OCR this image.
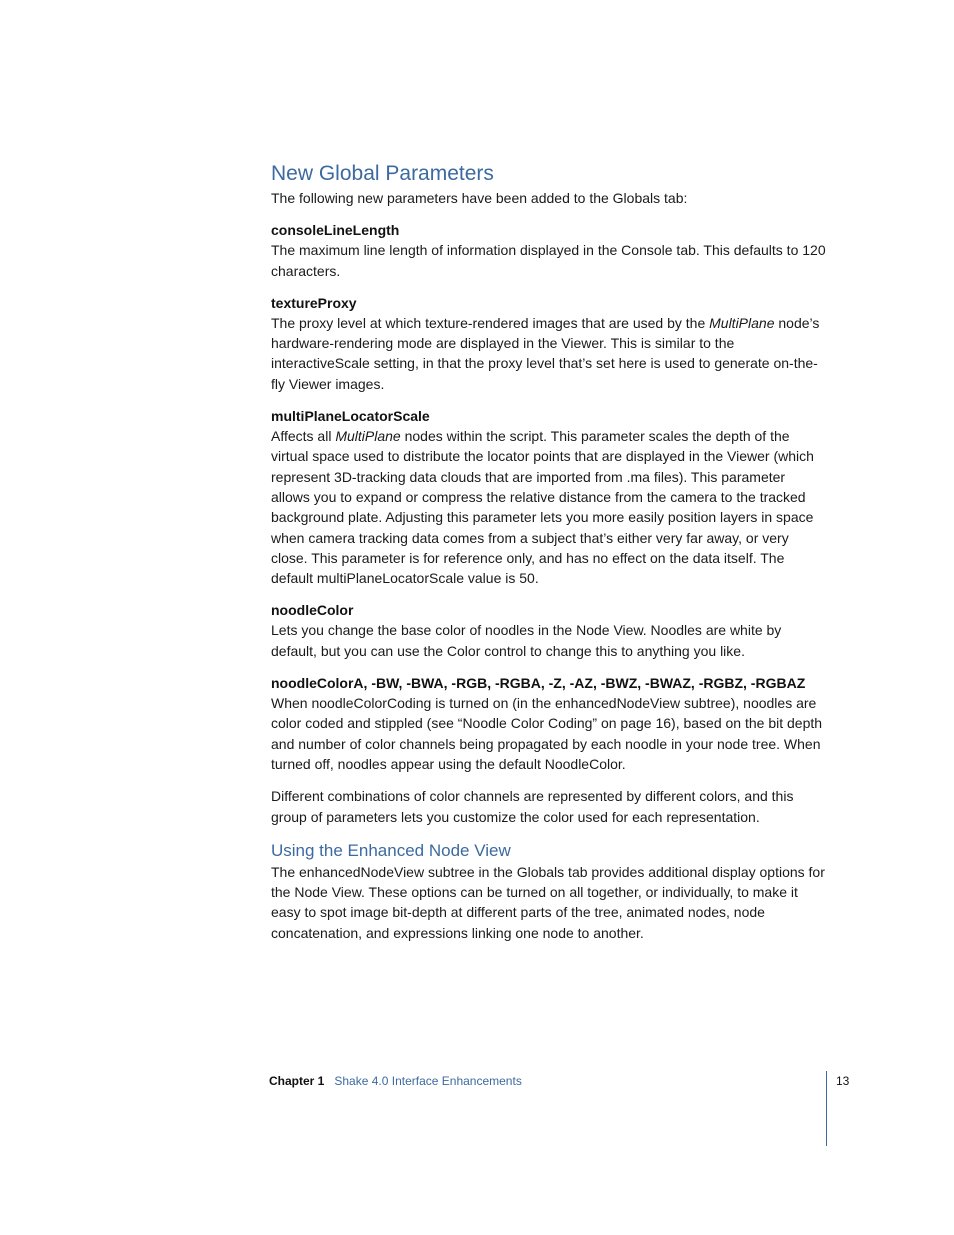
New Global Parameters

The following new parameters have been added to the Globals tab:

consoleLineLength

The maximum line length of information displayed in the Console tab. This defaults to 120 characters.

textureProxy

The proxy level at which texture-rendered images that are used by the MultiPlane node’s hardware-rendering mode are displayed in the Viewer. This is similar to the interactiveScale setting, in that the proxy level that’s set here is used to generate on-the-fly Viewer images.

multiPlaneLocatorScale

Affects all MultiPlane nodes within the script. This parameter scales the depth of the virtual space used to distribute the locator points that are displayed in the Viewer (which represent 3D-tracking data clouds that are imported from .ma files). This parameter allows you to expand or compress the relative distance from the camera to the tracked background plate. Adjusting this parameter lets you more easily position layers in space when camera tracking data comes from a subject that’s either very far away, or very close. This parameter is for reference only, and has no effect on the data itself. The default multiPlaneLocatorScale value is 50.

noodleColor

Lets you change the base color of noodles in the Node View. Noodles are white by default, but you can use the Color control to change this to anything you like.

noodleColorA, -BW, -BWA, -RGB, -RGBA, -Z, -AZ, -BWZ, -BWAZ, -RGBZ, -RGBAZ

When noodleColorCoding is turned on (in the enhancedNodeView subtree), noodles are color coded and stippled (see “Noodle Color Coding” on page 16), based on the bit depth and number of color channels being propagated by each noodle in your node tree. When turned off, noodles appear using the default NoodleColor.

Different combinations of color channels are represented by different colors, and this group of parameters lets you customize the color used for each representation.

Using the Enhanced Node View

The enhancedNodeView subtree in the Globals tab provides additional display options for the Node View. These options can be turned on all together, or individually, to make it easy to spot image bit-depth at different parts of the tree, animated nodes, node concatenation, and expressions linking one node to another.

Chapter 1 Shake 4.0 Interface Enhancements	13
